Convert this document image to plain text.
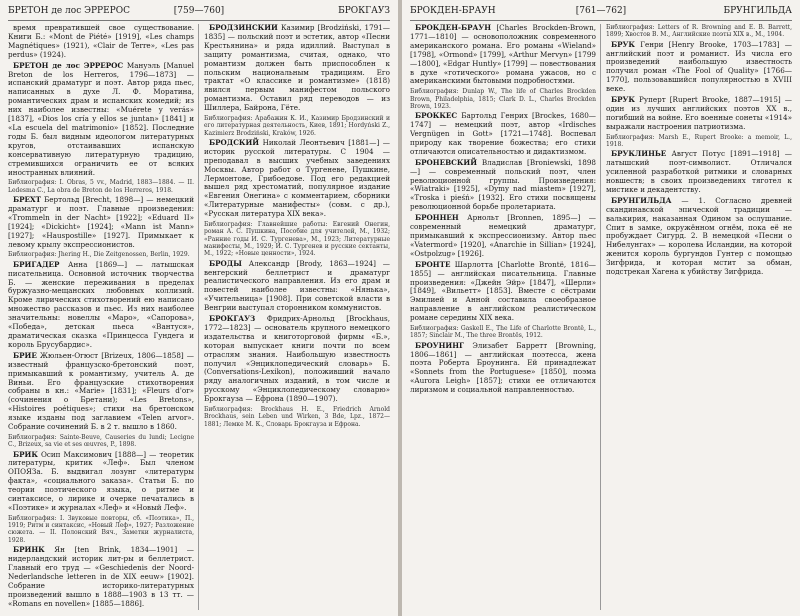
БРЕТОН де лос ЭРРЕРОС	[759—760]	БРОКГАУЗ
время превратившей свое существование. Книги Б.: «Mont de Piété» [1919], «Les champs Magnétiques» (1921), «Clair de Terre», «Les pas perdus» (1924).
БРЕТОН де лос ЭРРЕРОС Мануэль [Manuel Breton de los Herreros, 1796—1873] — испанский драматург и поэт. Автор ряда пьес, написанных в духе Л. Ф. Моратина, романтических драм и испанских комедий; из них наиболее известны: «Muérete у verás» [1837], «Dios los cría у ellos se juntan» [1841] и «La escuela del matrimonio» [1852]. Последние годы Б. был видным идеологом литературных кругов, отстаивавших испанскую консервативную литературную традицию, стремившихся ограничить ее от всяких иностранных влияний.
Библиография: I. Obras, 5 vv., Madrid, 1883—1884. — II. Ledesma C., La obra de Breton de los Herreros, 1918.
БРЕХТ Бертольд [Brecht, 1898—] — немецкий драматург и поэт. Главные произведения: «Trommeln in der Nacht» [1922]; «Eduard II» [1924]; «Dickicht» [1924]; «Mann ist Mann» [1927]; «Hauspostille» [1927]. Примыкает к левому крылу экспрессионистов.
Библиография: Jhering H., Die Zeitgenossen, Berlin, 1929.
БРИГАДЕР Анна [1869—] — латышская писательница. Основной источник творчества Б. — женские переживания в пределах буржуазно-мещанских любовных коллизий. Кроме лирических стихотворений ею написано множество рассказов и пьес. Из них наиболее значительны: новеллы «Маро», «Сапорова», «Победа», детская пьеса «Вантуся», драматическая сказка «Принцесса Гундега и король Брусубардис».
БРИЕ Жюльен-Огюст [Brizeux, 1806—1858] — известный французско-бретонский поэт, примыкавший к романтизму, учитель А. де Виньи. Его французские стихотворения собраны в кн.: «Marie» [1831]; «Fleurs d'or» (сочинения о Бретани); «Les Bretons», «Histoires poétiques»; стихи на бретонском языке изданы под заглавием «Telen arvor». Собрание сочинений Б. в 2 т. вышло в 1860.
Библиография: Sainte-Beuve, Causeries du lundi; Lecigne C., Brizeux, sa vie et ses œuvres, P., 1898.
БРИК Осип Максимович [1888—] — теоретик литературы, критик «Леф». Был членом ОПОЯЗа. Б. выдвигал лозунг «литературы факта», «социального заказа». Статьи Б. по теории поэтического языка, о ритме и синтаксисе, о лирике и очерке печатались в «Поэтике» и журналах «Леф» и «Новый Леф».
Библиография: I. Звуковые повторы, сб. «Поэтика», П., 1919; Ритм и синтаксис, «Новый Леф», 1927; Разложение сюжета. — II. Полонский Вяч., Заметки журналиста, 1928.
БРИНК Ян [ten Brink, 1834—1901] — нидерландский историк лит-ры и беллетрист. Главный его труд — «Geschiedenis der Noord-Nederlandsche letteren in de XIX eeuw» [1902]. Собрание историко-литературных произведений вышло в 1888—1903 в 13 тт. — «Romans en novellen» [1885—1886].
БРОДЗИНСКИЙ Казимир [Brodziński, 1791—1835] — польский поэт и эстетик, автор «Песни Крестьянина» и ряда идиллий. Выступал в защиту романтизма, считая, однако, что романтизм должен быть приспособлен к польским национальным традициям. Его трактат «О классике и романтизме» (1818) явился первым манифестом польского романтизма. Оставил ряд переводов — из Шиллера, Байрона, Гёте.
Библиография: Арабажин К. И., Казимир Бродзинский и его литературная деятельность, Киев, 1891; Hordyński Z., Kazimierz Brodziński, Kraków, 1926.
БРОДСКИЙ Николай Леонтьевич [1881—] — историк русской литературы. С 1904 — преподавал в высших учебных заведениях Москвы. Автор работ о Тургеневе, Пушкине, Лермонтове, Грибоедове. Под его редакцией вышел ряд хрестоматий, популярное издание «Евгения Онегина» с комментарием, сборники «Литературные манифесты» (совм. с др.), «Русская литература XIX века».
Библиография: Главнейшие работы: Евгений Онегин, роман А. С. Пушкина, Пособие для учителей, М., 1932; «Ранние годы И. С. Тургенева», М., 1923; Литературные манифесты, М., 1929; И. С. Тургенев и русские сектанты, М., 1922; «Новые ценности», 1924.
БРОДЫ Александр [Brody, 1863—1924] — венгерский беллетрист и драматург реалистического направления. Из его драм и повестей наиболее известны: «Нянька», «Учительница» [1908]. При советской власти в Венгрии выступал сторонником коммунистов.
БРОКГАУЗ Фридрих-Арнольд [Brockhaus, 1772—1823] — основатель крупного немецкого издательства и книготорговой фирмы «Б.», которая выпускает книги почти по всем отраслям знания. Наибольшую известность получил «Энциклопедический словарь» Б. (Conversations-Lexikon), положивший начало ряду аналогичных изданий, в том числе и русскому «Энциклопедическому словарю» Брокгауза — Ефрона (1890—1907).
Библиография: Brockhaus H. E., Friedrich Arnold Brockhaus, sein Leben und Wirken, 3 Bde, Lpz., 1872—1881; Лемке М. К., Словарь Брокгауза и Ефрона.
БРОКДЕН-БРАУН	[761—762]	БРУНГИЛЬДА
БРОКДЕН-БРАУН [Charles Brockden-Brown, 1771—1810] — основоположник современного американского романа. Его романы «Wieland» [1798], «Ormond» [1799], «Arthur Mervyn» [1799—1800], «Edgar Huntly» [1799] — повествования в духе «готического» романа ужасов, но с американскими бытовыми подробностями.
Библиография: Dunlap W., The life of Charles Brockden Brown, Philadelphia, 1815; Clark D. L., Charles Brockden Brown, 1923.
БРОККЕС Бартольд Генрих [Brockes, 1680—1747] — немецкий поэт, автор «Irdisches Vergnügen in Gott» [1721—1748]. Воспевал природу как творение божества; его стихи отличаются описательностью и дидактизмом.
БРОНЕВСКИЙ Владислав [Broniewski, 1898—] — современный польский поэт, член революционной группы. Произведения: «Wiatraki» [1925], «Dymy nad miastem» [1927], «Troska i pieśń» [1932]. Его стихи посвящены революционной борьбе пролетариата.
БРОННЕН Арнольт [Bronnen, 1895—] — современный немецкий драматург, примыкавший к экспрессионизму. Автор пьес «Vatermord» [1920], «Anarchie in Sillian» [1924], «Ostpolzug» [1926].
БРОНТЕ Шарлотта [Charlotte Brontë, 1816—1855] — английская писательница. Главные произведения: «Джейн Эйр» [1847], «Шерли» [1849], «Вильетт» [1853]. Вместе с сёстрами Эмилией и Анной составила своеобразное направление в английском реалистическом романе середины XIX века.
Библиография: Gaskell E., The Life of Charlotte Brontë, L., 1857; Sinclair M., The three Brontës, 1912.
БРОУНИНГ Элизабет Барретт [Browning, 1806—1861] — английская поэтесса, жена поэта Роберта Броунинга. Ей принадлежат «Sonnets from the Portuguese» [1850], поэма «Aurora Leigh» [1857]; стихи ее отличаются лиризмом и социальной направленностью.
Библиография: Letters of R. Browning and E. B. Barrett, 1899; Хвостов В. М., Английские поэты XIX в., М., 1904.
БРУК Генри [Henry Brooke, 1703—1783] — английский поэт и романист. Из числа его произведений наибольшую известность получил роман «The Fool of Quality» [1766—1770], пользовавшийся популярностью в XVIII веке.
БРУК Руперт [Rupert Brooke, 1887—1915] — один из лучших английских поэтов XX в., погибший на войне. Его военные сонеты «1914» выражали настроения патриотизма.
Библиография: Marsh E., Rupert Brooke: a memoir, L., 1918.
БРУКЛИНЬЕ Август Потус [1891—1918] — латышский поэт-символист. Отличался усиленной разработкой ритмики и словарных новшеств; в своих произведениях тяготел к мистике и декадентству.
БРУНГИЛЬДА — 1. Согласно древней скандинавской эпической традиции — валькирия, наказанная Одином за ослушание. Спит в замке, окружённом огнём, пока её не пробуждает Сигурд. 2. В немецкой «Песни о Нибелунгах» — королева Исландии, на которой женится король бургундов Гунтер с помощью Зигфрида, и которая мстит за обман, подстрекая Хагена к убийству Зигфрида.
